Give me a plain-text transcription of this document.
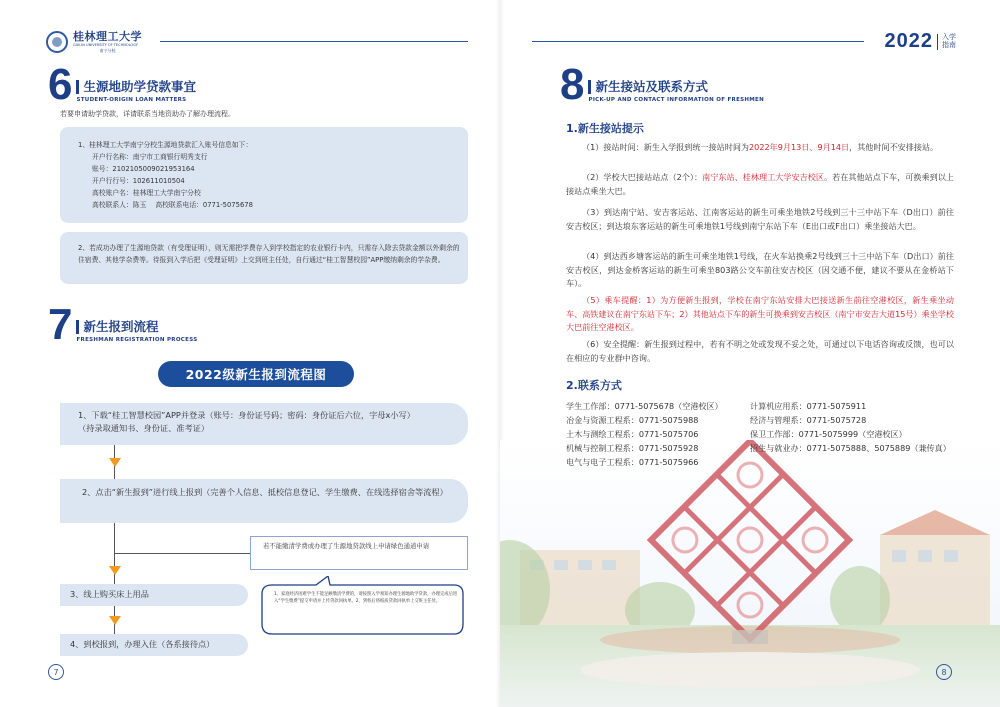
桂林理工大学
GUILIN UNIVERSITY OF TECHNOLOGY
南宁分校
6	生源地助学贷款事宜
STUDENT-ORIGIN LOAN MATTERS
若要申请助学贷款，详请联系当地资助办了解办理流程。
1、桂林理工大学南宁分校生源地贷款汇入账号信息如下：
开户行名称：南宁市工商银行明秀支行
账号：2102105009021953164
开户行行号：102611010504
高校账户名：桂林理工大学南宁分校
高校联系人：陈玉　 高校联系电话：0771-5075678
2、若成功办理了生源地贷款（有受理证明），则无需把学费存入到学校指定的农业银行卡内，只需存入除去贷款金额以外剩余的住宿费、其他学杂费等。待报到入学后把《受理证明》上交到班主任处，自行通过“桂工智慧校园”APP缴纳剩余的学杂费。
7	新生报到流程
FRESHMAN REGISTRATION PROCESS
2022级新生报到流程图
1、下载“桂工智慧校园”APP并登录（账号：身份证号码；密码：身份证后六位，字母x小写）
（持录取通知书、身份证、准考证）
2、点击“新生报到”进行线上报到（完善个人信息、抵校信息登记、学生缴费、在线选择宿舍等流程）
若不能缴清学费或办理了生源地贷款线上申请绿色通道申请
1、家庭经济困难学生不能足额缴清学费的，请按照入学须知办理生源地助学贷款，办理完成后进入“学生缴费”提交申请并上传贷款回执单。2、到校后将纸质贷款回执单上交班主任处。
3、线上购买床上用品
4、到校报到，办理入住（各系接待点）
7
2022 入学
指南
8	新生接站及联系方式
PICK-UP AND CONTACT INFORMATION OF FRESHMEN
1.新生接站提示
（1）接站时间：新生入学报到统一接站时间为2022年9月13日、9月14日，其他时间不安排接站。
（2）学校大巴接站站点（2个）：南宁东站、桂林理工大学安吉校区。若在其他站点下车，可换乘到以上接站点乘坐大巴。
（3）到达南宁站、安吉客运站、江南客运站的新生可乘坐地铁2号线到三十三中站下车（D出口）前往安吉校区；到达埌东客运站的新生可乘地铁1号线到南宁东站下车（E出口或F出口）乘坐接站大巴。
（4）到达西乡塘客运站的新生可乘坐地铁1号线，在火车站换乘2号线到三十三中站下车（D出口）前往安吉校区，到达金桥客运站的新生可乘坐803路公交车前往安吉校区（因交通不便，建议不要从在金桥站下车）。
（5）乘车提醒：1）为方便新生报到，学校在南宁东站安排大巴接送新生前往空港校区，新生乘坐动车、高铁建议在南宁东站下车；2）其他站点下车的新生可换乘到安吉校区（南宁市安吉大道15号）乘坐学校大巴前往空港校区。
（6）安全提醒：新生报到过程中，若有不明之处或发现不妥之处，可通过以下电话咨询或反馈，也可以在相应的专业群中咨询。
2.联系方式
学生工作部：0771-5075678（空港校区）
冶金与资源工程系：0771-5075988
土木与测绘工程系：0771-5075706
机械与控制工程系：0771-5075928
电气与电子工程系：0771-5075966
计算机应用系：0771-5075911
经济与管理系：0771-5075728
保卫工作部：0771-5075999（空港校区）
招生与就业办：0771-5075888、5075889（兼传真）
8
